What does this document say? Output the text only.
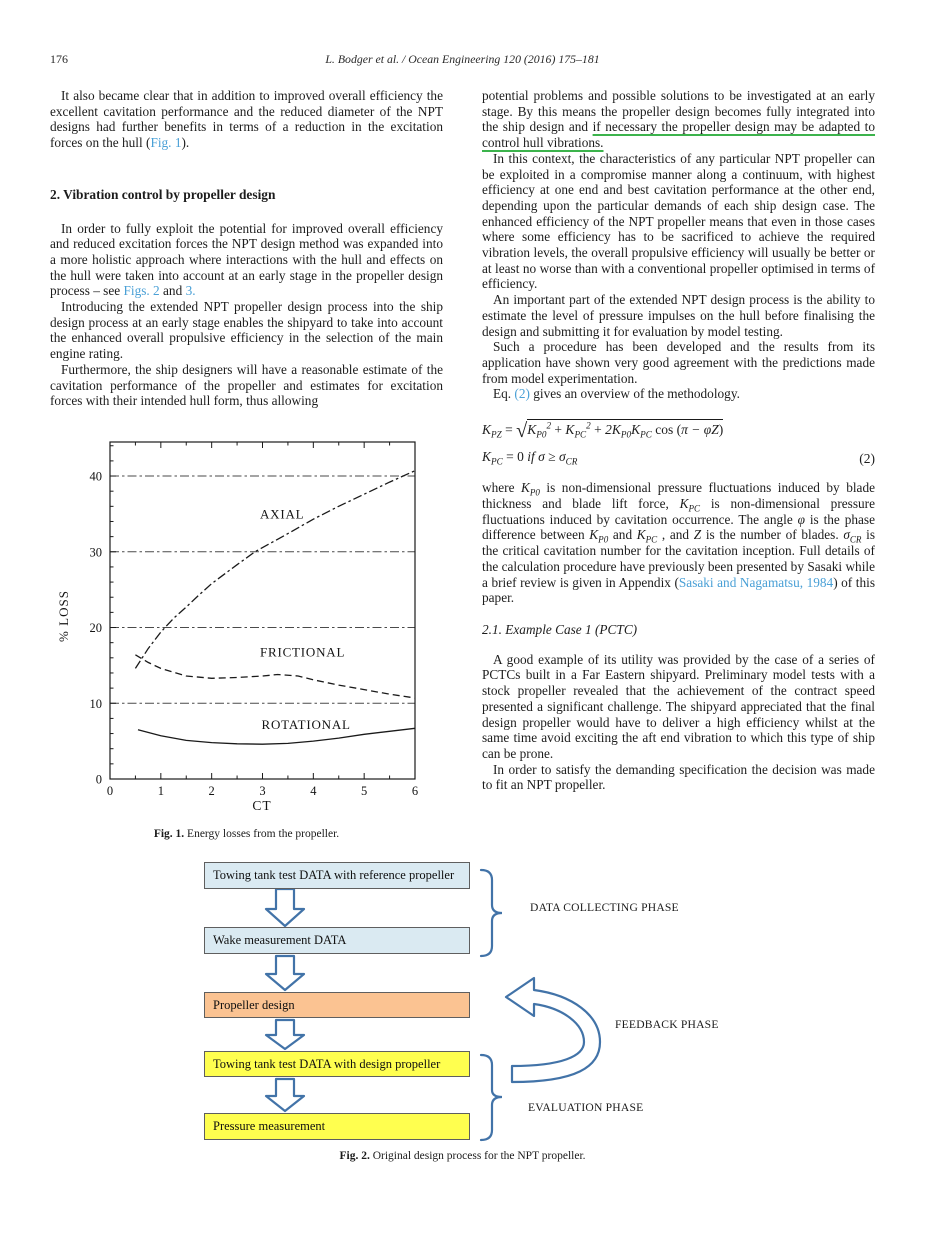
176	L. Bodger et al. / Ocean Engineering 120 (2016) 175–181

It also became clear that in addition to improved overall efficiency the excellent cavitation performance and the reduced diameter of the NPT designs had further benefits in terms of a reduction in the excitation forces on the hull (Fig. 1).

2. Vibration control by propeller design

In order to fully exploit the potential for improved overall efficiency and reduced excitation forces the NPT design method was expanded into a more holistic approach where interactions with the hull and effects on the hull were taken into account at an early stage in the propeller design process – see Figs. 2 and 3.

Introducing the extended NPT propeller design process into the ship design process at an early stage enables the shipyard to take into account the enhanced overall propulsive efficiency in the selection of the main engine rating.

Furthermore, the ship designers will have a reasonable estimate of the cavitation performance of the propeller and estimates for excitation forces with their intended hull form, thus allowing

0	1	2	3	4	5	6
0
10
20
30
40
% LOSS
CT
AXIAL
FRICTIONAL
ROTATIONAL
Fig. 1. Energy losses from the propeller.

potential problems and possible solutions to be investigated at an early stage. By this means the propeller design becomes fully integrated into the ship design and if necessary the propeller design may be adapted to control hull vibrations.

In this context, the characteristics of any particular NPT propeller can be exploited in a compromise manner along a continuum, with highest efficiency at one end and best cavitation performance at the other end, depending upon the particular demands of each ship design case. The enhanced efficiency of the NPT propeller means that even in those cases where some efficiency has to be sacrificed to achieve the required vibration levels, the overall propulsive efficiency will usually be better or at least no worse than with a conventional propeller optimised in terms of efficiency.

An important part of the extended NPT design process is the ability to estimate the level of pressure impulses on the hull before finalising the design and submitting it for evaluation by model testing.

Such a procedure has been developed and the results from its application have shown very good agreement with the predictions made from model experimentation.

Eq. (2) gives an overview of the methodology.

$K_{PZ} = √K_{P0}^2 + K_{PC}^2 + 2K_{P0}K_{PC}$ cos (π − φZ)
$K_{PC} = 0$ if $\sigma \ge \sigma_{CR}$	(2)

where $K_{P0}$ is non-dimensional pressure fluctuations induced by blade thickness and blade lift force, $K_{PC}$ is non-dimensional pressure fluctuations induced by cavitation occurrence. The angle φ is the phase difference between $K_{P0}$ and $K_{PC}$ , and Z is the number of blades. $\sigma_{CR}$ is the critical cavitation number for the cavitation inception. Full details of the calculation procedure have previously been presented by Sasaki while a brief review is given in Appendix (Sasaki and Nagamatsu, 1984) of this paper.

2.1. Example Case 1 (PCTC)

A good example of its utility was provided by the case of a series of PCTCs built in a Far Eastern shipyard. Preliminary model tests with a stock propeller revealed that the achievement of the contract speed presented a significant challenge. The shipyard appreciated that the final design propeller would have to deliver a high efficiency whilst at the same time avoid exciting the aft end vibration to which this type of ship can be prone.

In order to satisfy the demanding specification the decision was made to fit an NPT propeller.

Towing tank test DATA with reference propeller
Wake measurement DATA
Propeller design
Towing tank test DATA with design propeller
Pressure measurement
DATA COLLECTING PHASE
FEEDBACK PHASE
EVALUATION PHASE
Fig. 2. Original design process for the NPT propeller.
